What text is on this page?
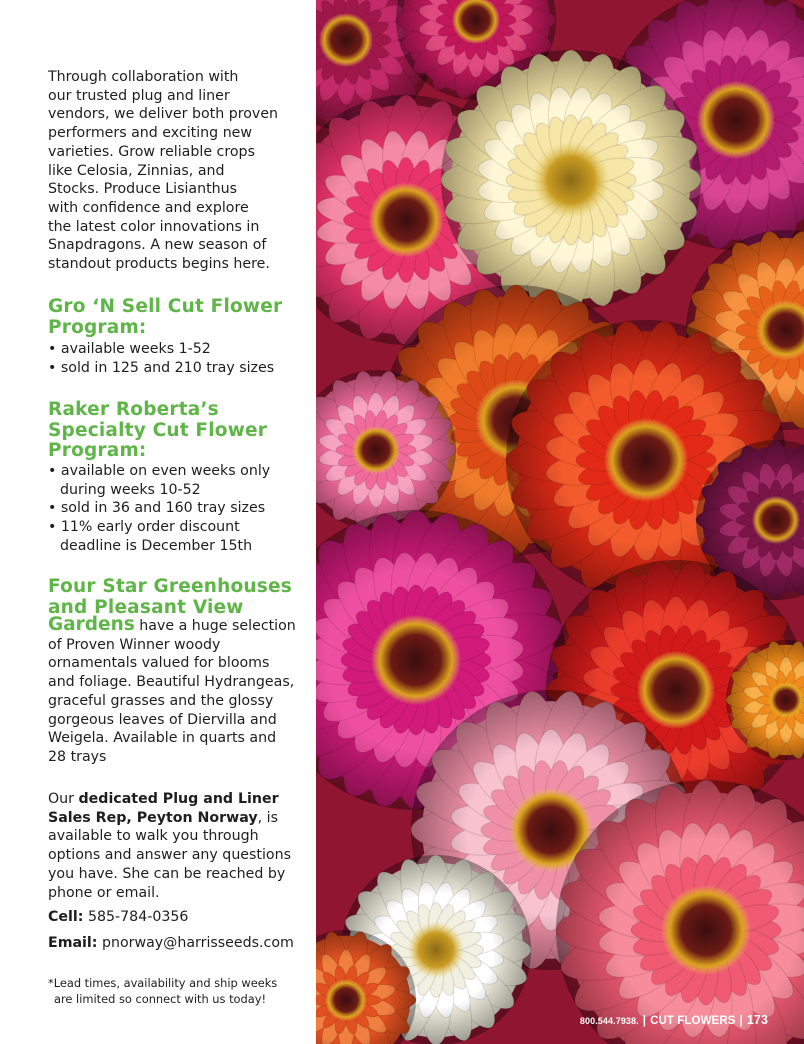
Through collaboration with
our trusted plug and liner
vendors, we deliver both proven
performers and exciting new
varieties. Grow reliable crops
like Celosia, Zinnias, and
Stocks. Produce Lisianthus
with confidence and explore
the latest color innovations in
Snapdragons. A new season of
standout products begins here.
Gro ‘N Sell Cut Flower
Program:
• available weeks 1-52
• sold in 125 and 210 tray sizes
Raker Roberta’s
Specialty Cut Flower
Program:
• available on even weeks only during weeks 10-52
• sold in 36 and 160 tray sizes
• 11% early order discount deadline is December 15th
Four Star Greenhouses
and Pleasant View
Gardens have a huge selection
of Proven Winner woody
ornamentals valued for blooms
and foliage. Beautiful Hydrangeas,
graceful grasses and the glossy
gorgeous leaves of Diervilla and
Weigela. Available in quarts and
28 trays
Our dedicated Plug and Liner
Sales Rep, Peyton Norway, is
available to walk you through
options and answer any questions
you have. She can be reached by
phone or email.
Cell: 585-784-0356
Email: pnorway@harrisseeds.com
*Lead times, availability and ship weeks
are limited so connect with us today!
800.544.7938. | CUT FLOWERS | 173
